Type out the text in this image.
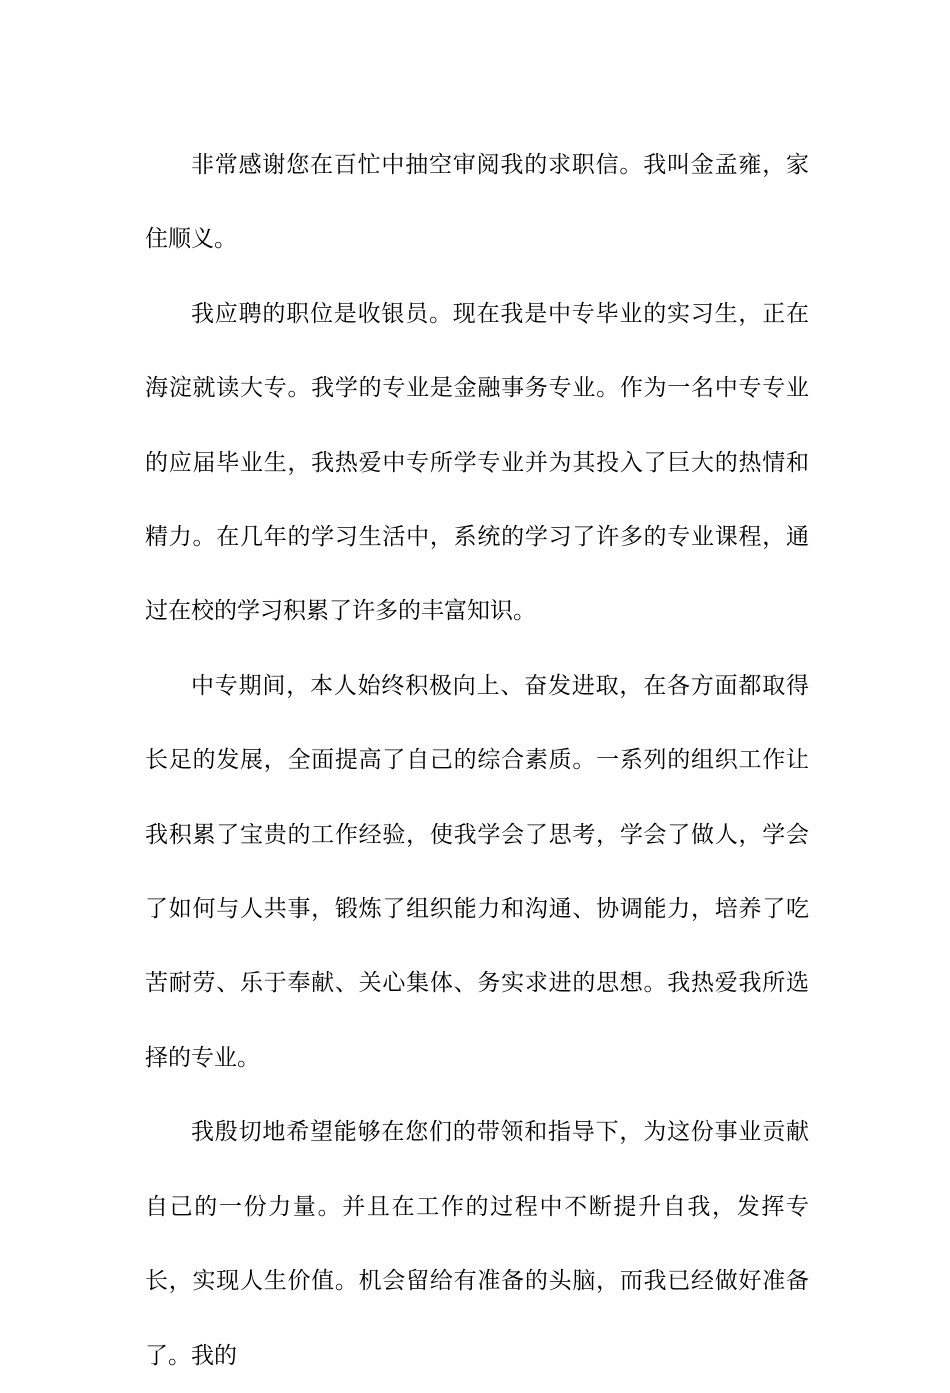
非常感谢您在百忙中抽空审阅我的求职信。我叫金孟雍，家住顺义。

我应聘的职位是收银员。现在我是中专毕业的实习生，正在海淀就读大专。我学的专业是金融事务专业。作为一名中专专业的应届毕业生，我热爱中专所学专业并为其投入了巨大的热情和精力。在几年的学习生活中，系统的学习了许多的专业课程，通过在校的学习积累了许多的丰富知识。

中专期间，本人始终积极向上、奋发进取，在各方面都取得长足的发展，全面提高了自己的综合素质。一系列的组织工作让我积累了宝贵的工作经验，使我学会了思考，学会了做人，学会了如何与人共事，锻炼了组织能力和沟通、协调能力，培养了吃苦耐劳、乐于奉献、关心集体、务实求进的思想。我热爱我所选择的专业。

我殷切地希望能够在您们的带领和指导下，为这份事业贡献自己的一份力量。并且在工作的过程中不断提升自我，发挥专长，实现人生价值。机会留给有准备的头脑，而我已经做好准备了。我的
